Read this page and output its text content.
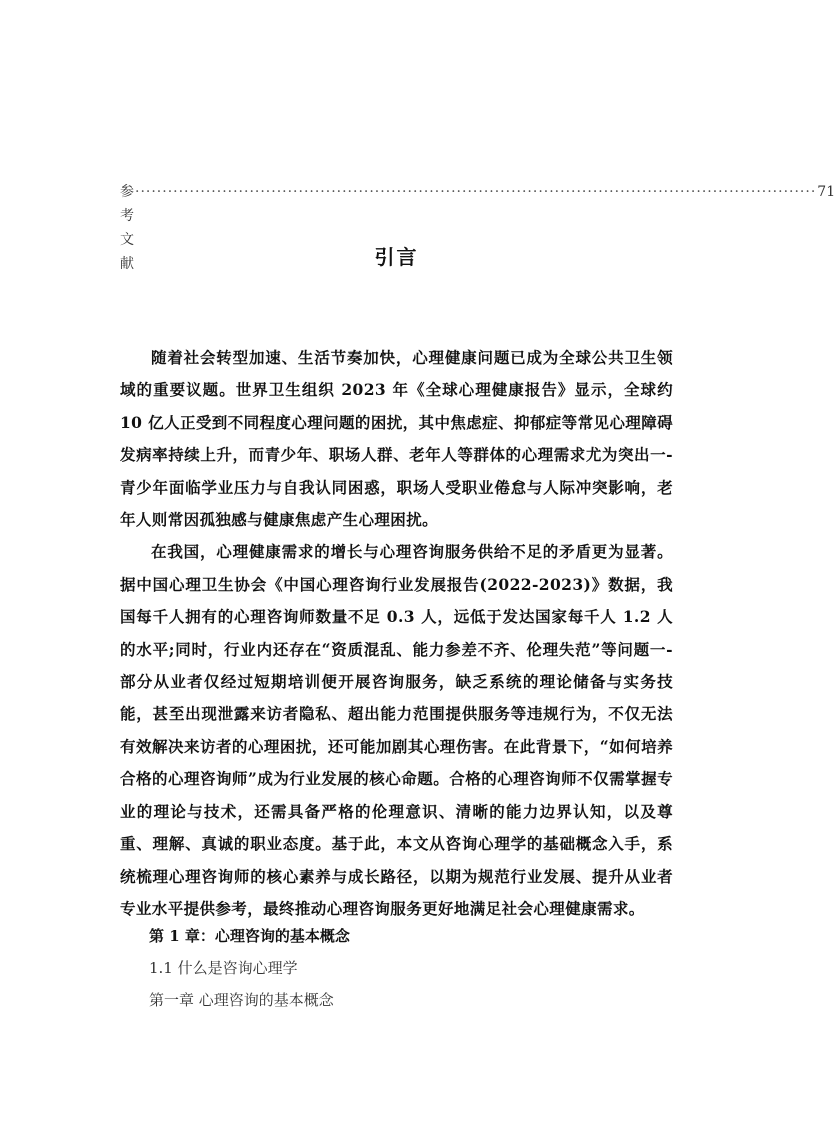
参考文献
····························································································································· 71
引言

随着社会转型加速、生活节奏加快，心理健康问题已成为全球公共卫生领域的重要议题。世界卫生组织 2023 年《全球心理健康报告》显示，全球约 10 亿人正受到不同程度心理问题的困扰，其中焦虑症、抑郁症等常见心理障碍发病率持续上升，而青少年、职场人群、老年人等群体的心理需求尤为突出一-青少年面临学业压力与自我认同困惑，职场人受职业倦怠与人际冲突影响，老年人则常因孤独感与健康焦虑产生心理困扰。

在我国，心理健康需求的增长与心理咨询服务供给不足的矛盾更为显著。据中国心理卫生协会《中国心理咨询行业发展报告(2022-2023)》数据，我国每千人拥有的心理咨询师数量不足 0.3 人，远低于发达国家每千人 1.2 人的水平;同时，行业内还存在“资质混乱、能力参差不齐、伦理失范”等问题一-部分从业者仅经过短期培训便开展咨询服务，缺乏系统的理论储备与实务技能，甚至出现泄露来访者隐私、超出能力范围提供服务等违规行为，不仅无法有效解决来访者的心理困扰，还可能加剧其心理伤害。在此背景下，“如何培养合格的心理咨询师”成为行业发展的核心命题。合格的心理咨询师不仅需掌握专业的理论与技术，还需具备严格的伦理意识、清晰的能力边界认知，以及尊重、理解、真诚的职业态度。基于此，本文从咨询心理学的基础概念入手，系统梳理心理咨询师的核心素养与成长路径，以期为规范行业发展、提升从业者专业水平提供参考，最终推动心理咨询服务更好地满足社会心理健康需求。

第 1 章：心理咨询的基本概念
1.1 什么是咨询心理学
第一章 心理咨询的基本概念
